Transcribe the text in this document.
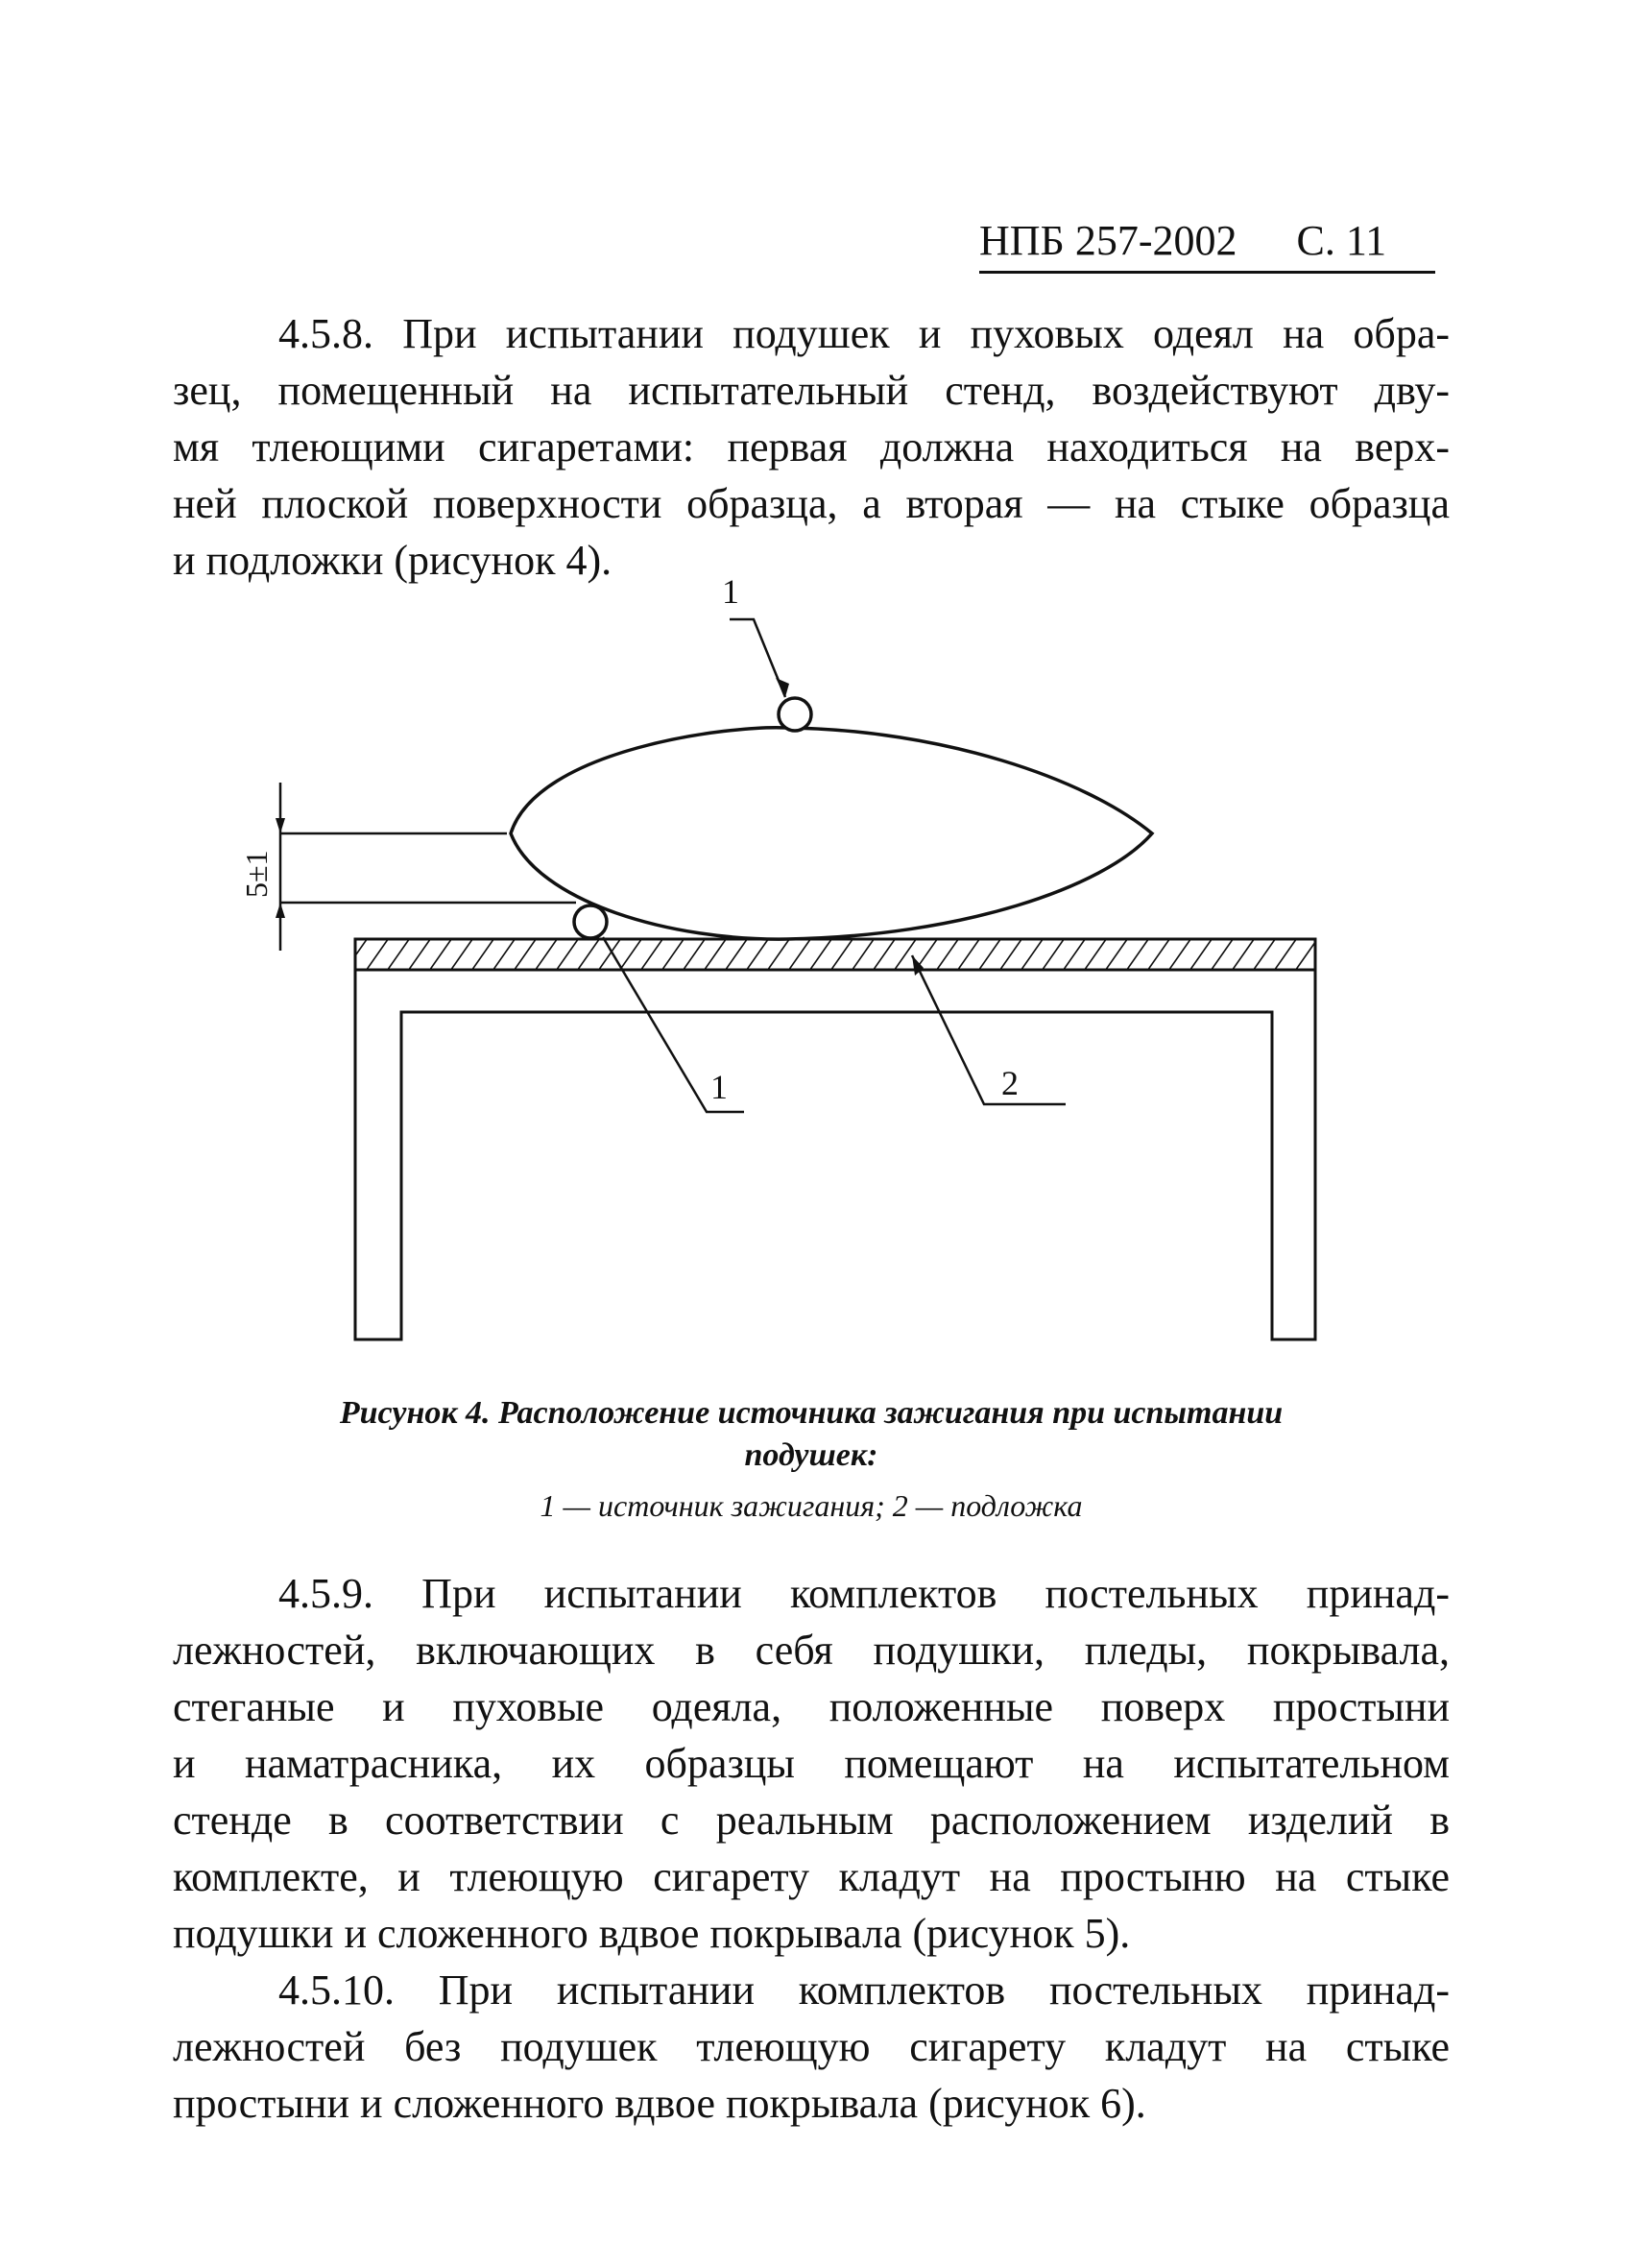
НПБ 257-2002 С. 11
4.5.8. При испытании подушек и пуховых одеял на обра-
зец, помещенный на испытательный стенд, воздействуют дву-
мя тлеющими сигаретами: первая должна находиться на верх-
ней плоской поверхности образца, а вторая — на стыке образца
и подложки (рисунок 4).
1
1	2
5±1
Рисунок 4. Расположение источника зажигания при испытании
подушек:
1 — источник зажигания; 2 — подложка
4.5.9. При испытании комплектов постельных принад-
лежностей, включающих в себя подушки, пледы, покрывала,
стеганые и пуховые одеяла, положенные поверх простыни
и наматрасника, их образцы помещают на испытательном
стенде в соответствии с реальным расположением изделий в
комплекте, и тлеющую сигарету кладут на простыню на стыке
подушки и сложенного вдвое покрывала (рисунок 5).
4.5.10. При испытании комплектов постельных принад-
лежностей без подушек тлеющую сигарету кладут на стыке
простыни и сложенного вдвое покрывала (рисунок 6).
